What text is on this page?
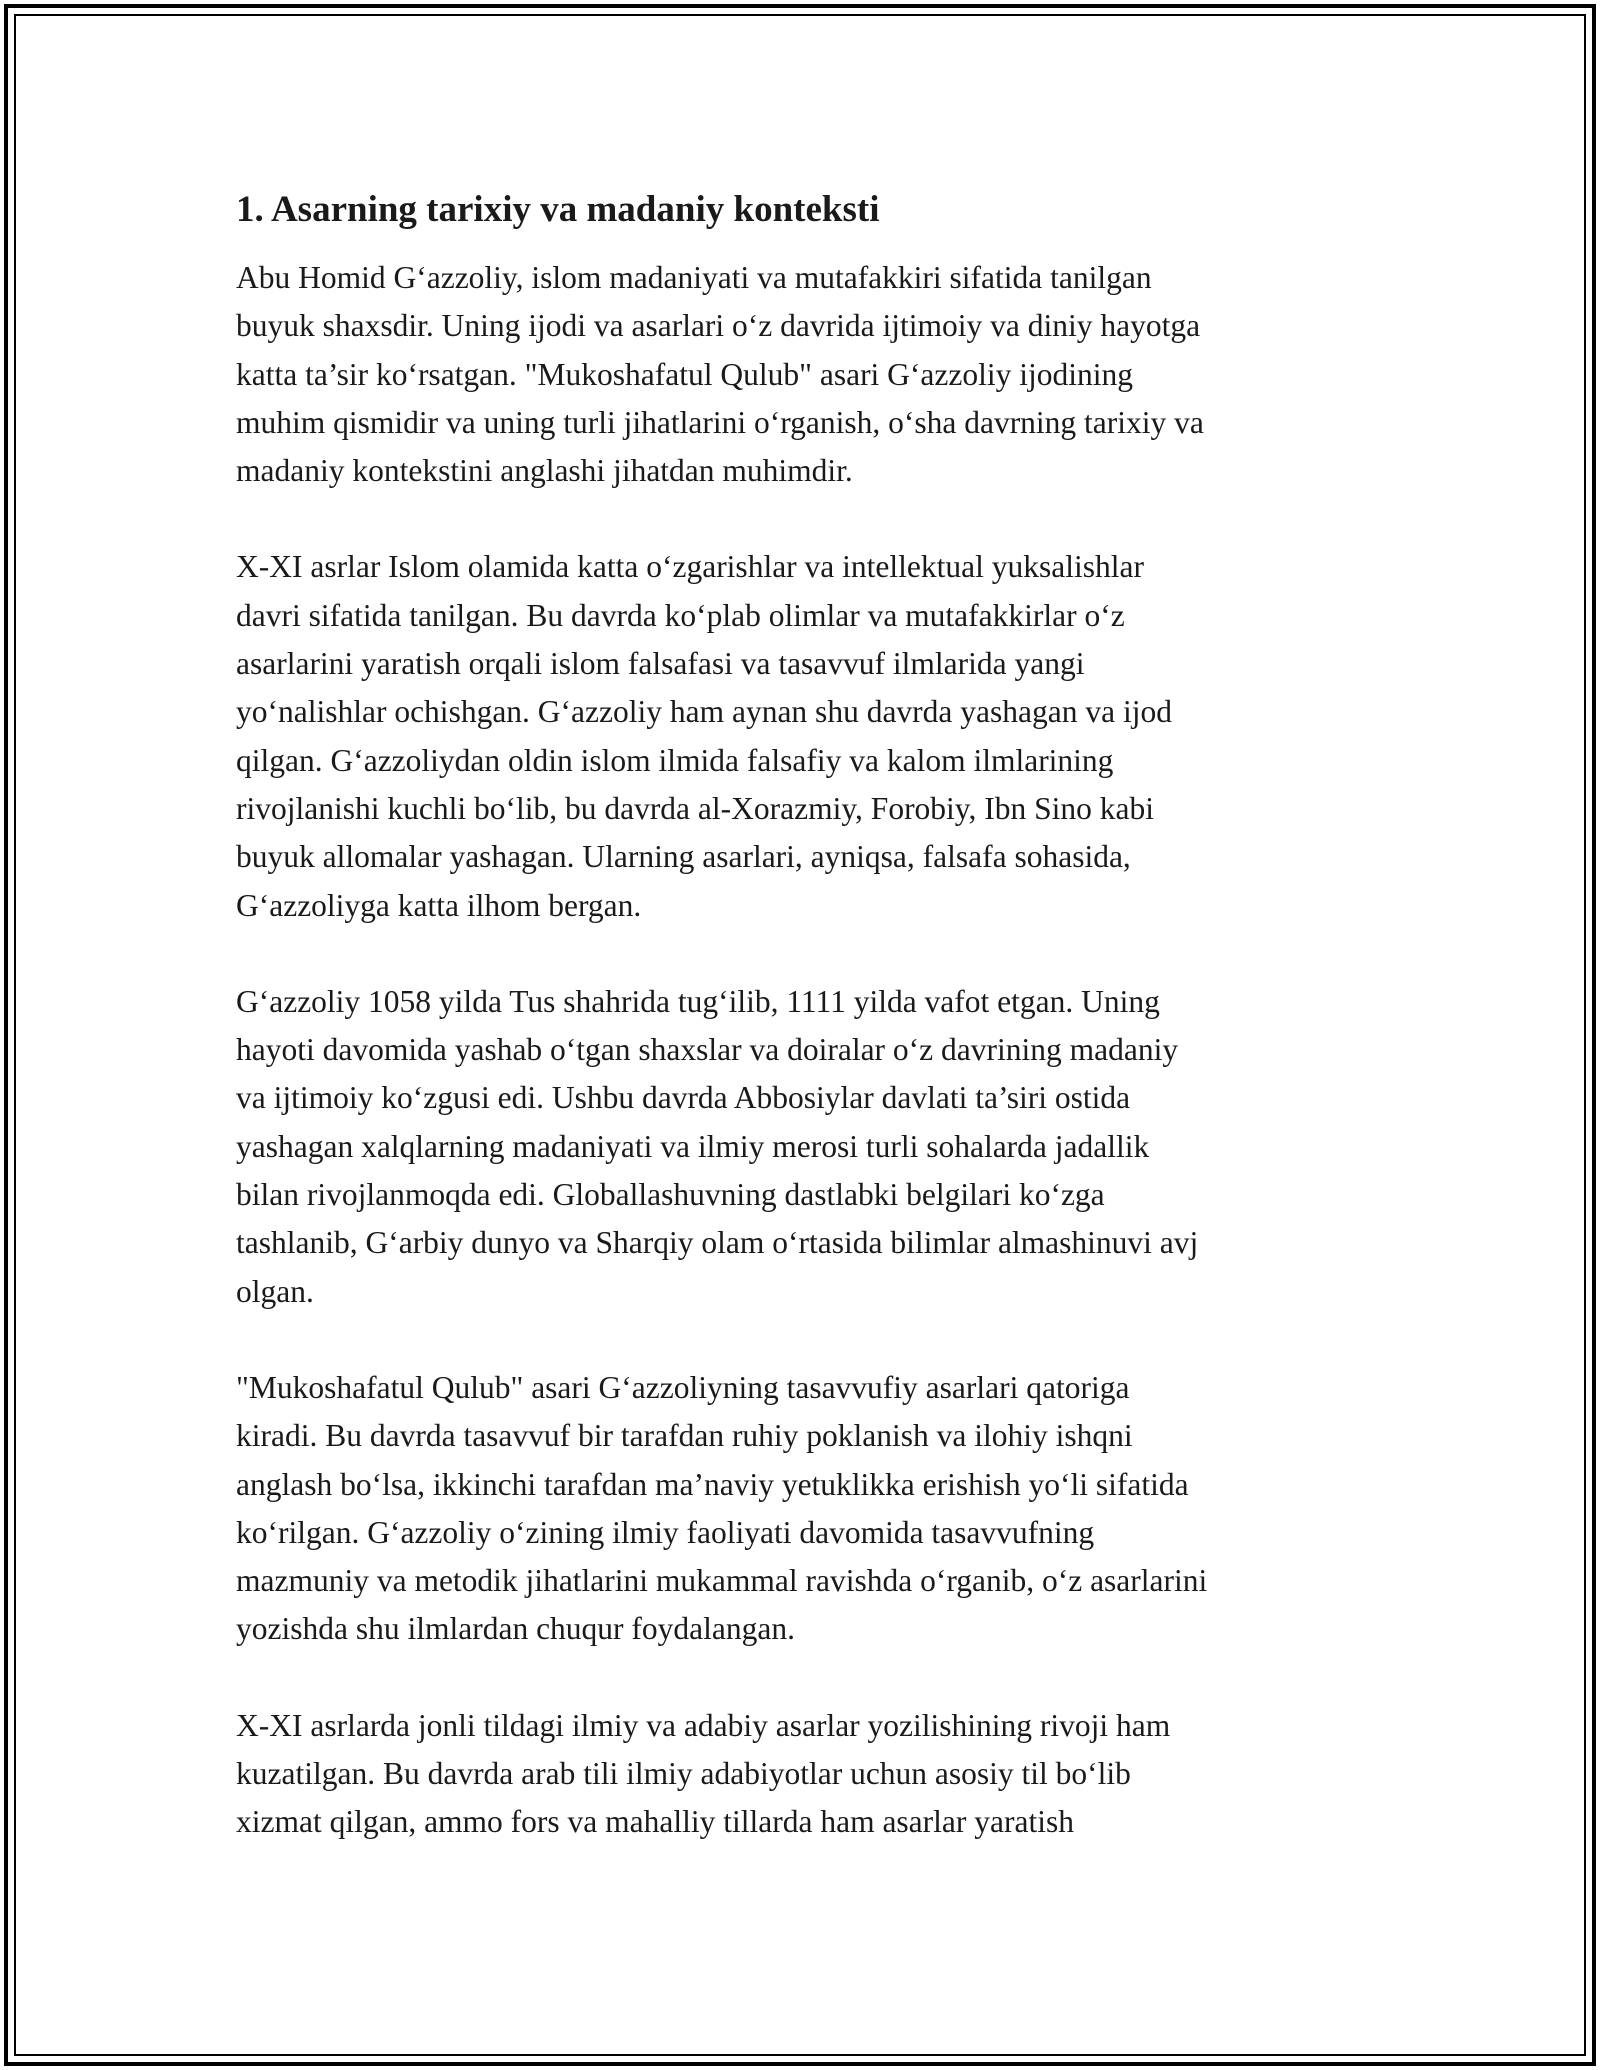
1. Asarning tarixiy va madaniy konteksti

Abu Homid G‘azzoliy, islom madaniyati va mutafakkiri sifatida tanilgan
buyuk shaxsdir. Uning ijodi va asarlari o‘z davrida ijtimoiy va diniy hayotga
katta ta’sir ko‘rsatgan. "Mukoshafatul Qulub" asari G‘azzoliy ijodining
muhim qismidir va uning turli jihatlarini o‘rganish, o‘sha davrning tarixiy va
madaniy kontekstini anglashi jihatdan muhimdir.

X-XI asrlar Islom olamida katta o‘zgarishlar va intellektual yuksalishlar
davri sifatida tanilgan. Bu davrda ko‘plab olimlar va mutafakkirlar o‘z
asarlarini yaratish orqali islom falsafasi va tasavvuf ilmlarida yangi
yo‘nalishlar ochishgan. G‘azzoliy ham aynan shu davrda yashagan va ijod
qilgan. G‘azzoliydan oldin islom ilmida falsafiy va kalom ilmlarining
rivojlanishi kuchli bo‘lib, bu davrda al-Xorazmiy, Forobiy, Ibn Sino kabi
buyuk allomalar yashagan. Ularning asarlari, ayniqsa, falsafa sohasida,
G‘azzoliyga katta ilhom bergan.

G‘azzoliy 1058 yilda Tus shahrida tug‘ilib, 1111 yilda vafot etgan. Uning
hayoti davomida yashab o‘tgan shaxslar va doiralar o‘z davrining madaniy
va ijtimoiy ko‘zgusi edi. Ushbu davrda Abbosiylar davlati ta’siri ostida
yashagan xalqlarning madaniyati va ilmiy merosi turli sohalarda jadallik
bilan rivojlanmoqda edi. Globallashuvning dastlabki belgilari ko‘zga
tashlanib, G‘arbiy dunyo va Sharqiy olam o‘rtasida bilimlar almashinuvi avj
olgan.

"Mukoshafatul Qulub" asari G‘azzoliyning tasavvufiy asarlari qatoriga
kiradi. Bu davrda tasavvuf bir tarafdan ruhiy poklanish va ilohiy ishqni
anglash bo‘lsa, ikkinchi tarafdan ma’naviy yetuklikka erishish yo‘li sifatida
ko‘rilgan. G‘azzoliy o‘zining ilmiy faoliyati davomida tasavvufning
mazmuniy va metodik jihatlarini mukammal ravishda o‘rganib, o‘z asarlarini
yozishda shu ilmlardan chuqur foydalangan.

X-XI asrlarda jonli tildagi ilmiy va adabiy asarlar yozilishining rivoji ham
kuzatilgan. Bu davrda arab tili ilmiy adabiyotlar uchun asosiy til bo‘lib
xizmat qilgan, ammo fors va mahalliy tillarda ham asarlar yaratish
